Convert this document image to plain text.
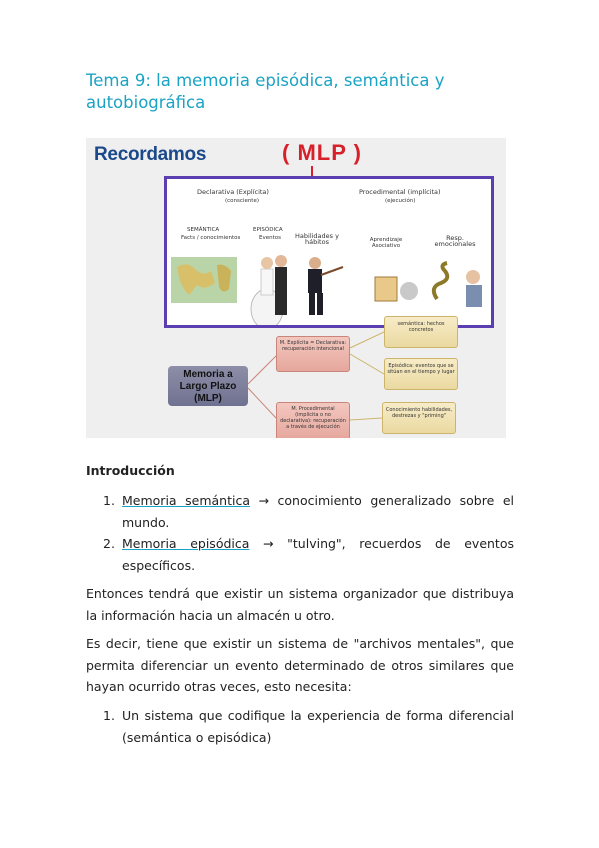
Tema 9: la memoria episódica, semántica y autobiográfica
Recordamos	( MLP )
Declarativa (Explícita)
(consciente)
Procedimental (implícita)
(ejecución)
SEMÁNTICA
Facts / conocimientos
EPISÓDICA
Eventos	Habilidades y hábitos	Aprendizaje Asociativo
Resp. emocionales
Memoria a
Largo Plazo
(MLP)
M. Explícita = Declarativa: recuperación intencional
M. Procedimental (implícita o no declarativa): recuperación a través de ejecución
semántica: hechos concretos
Episódica: eventos que se sitúan en el tiempo y lugar
Conocimiento habilidades, destrezas y "priming"
Introducción
1. Memoria semántica → conocimiento generalizado sobre el mundo.
2. Memoria episódica → "tulving", recuerdos de eventos específicos.

Entonces tendrá que existir un sistema organizador que distribuya la información hacia un almacén u otro.

Es decir, tiene que existir un sistema de "archivos mentales", que permita diferenciar un evento determinado de otros similares que hayan ocurrido otras veces, esto necesita:

1. Un sistema que codifique la experiencia de forma diferencial (semántica o episódica)
